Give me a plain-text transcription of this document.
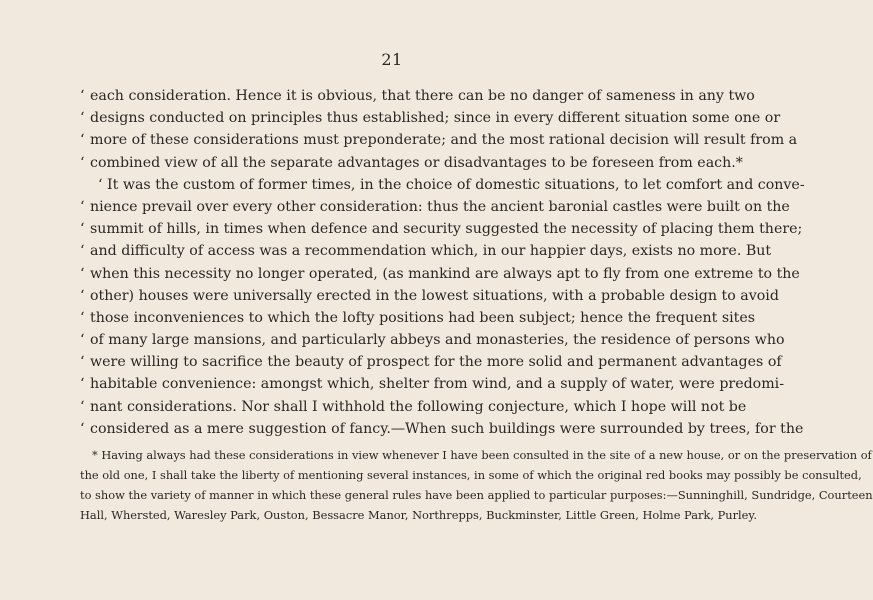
21
‘ each consideration. Hence it is obvious, that there can be no danger of sameness in any two
‘ designs conducted on principles thus established; since in every different situation some one or
‘ more of these considerations must preponderate; and the most rational decision will result from a
‘ combined view of all the separate advantages or disadvantages to be foreseen from each.*
‘ It was the custom of former times, in the choice of domestic situations, to let comfort and conve-
‘ nience prevail over every other consideration: thus the ancient baronial castles were built on the
‘ summit of hills, in times when defence and security suggested the necessity of placing them there;
‘ and difficulty of access was a recommendation which, in our happier days, exists no more. But
‘ when this necessity no longer operated, (as mankind are always apt to fly from one extreme to the
‘ other) houses were universally erected in the lowest situations, with a probable design to avoid
‘ those inconveniences to which the lofty positions had been subject; hence the frequent sites
‘ of many large mansions, and particularly abbeys and monasteries, the residence of persons who
‘ were willing to sacrifice the beauty of prospect for the more solid and permanent advantages of
‘ habitable convenience: amongst which, shelter from wind, and a supply of water, were predomi-
‘ nant considerations. Nor shall I withhold the following conjecture, which I hope will not be
‘ considered as a mere suggestion of fancy.—When such buildings were surrounded by trees, for the
* Having always had these considerations in view whenever I have been consulted in the site of a new house, or on the preservation of
the old one, I shall take the liberty of mentioning several instances, in some of which the original red books may possibly be consulted,
to show the variety of manner in which these general rules have been applied to particular purposes:—Sunninghill, Sundridge, Courteen
Hall, Whersted, Waresley Park, Ouston, Bessacre Manor, Northrepps, Buckminster, Little Green, Holme Park, Purley.
